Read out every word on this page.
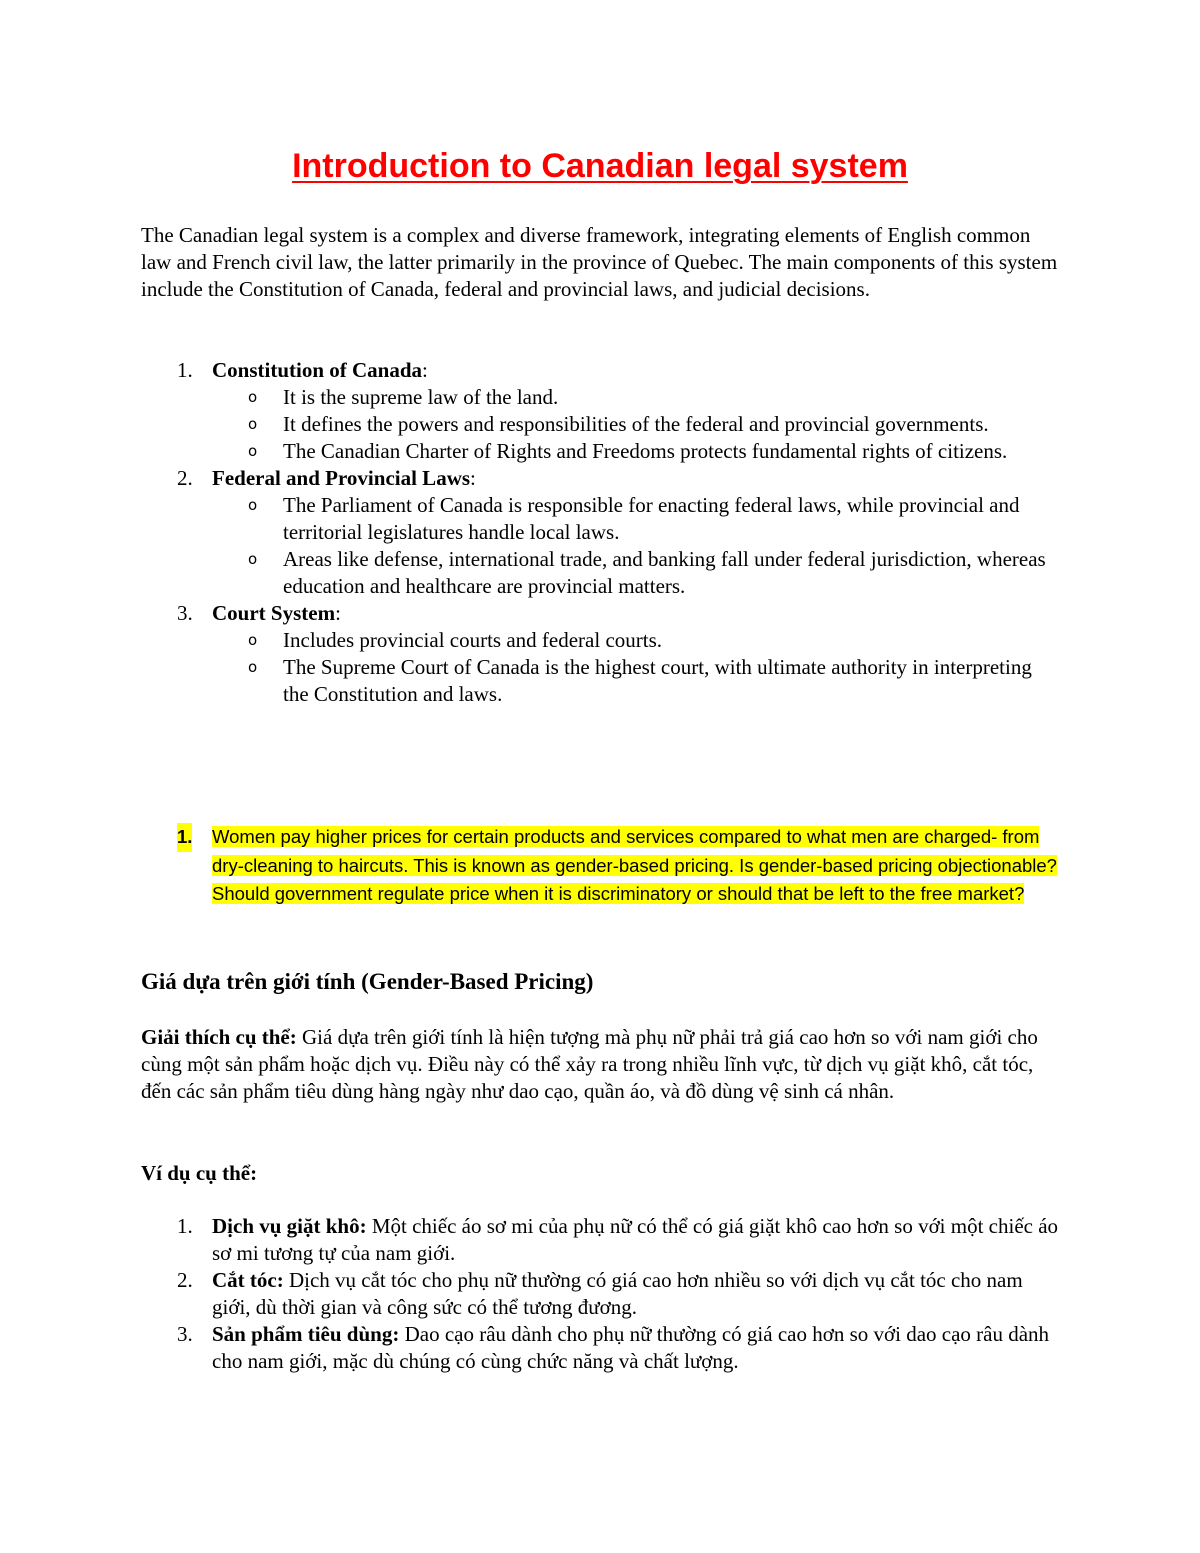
Introduction to Canadian legal system

The Canadian legal system is a complex and diverse framework, integrating elements of English common law and French civil law, the latter primarily in the province of Quebec. The main components of this system include the Constitution of Canada, federal and provincial laws, and judicial decisions.

1. Constitution of Canada:
o It is the supreme law of the land.
o It defines the powers and responsibilities of the federal and provincial governments.
o The Canadian Charter of Rights and Freedoms protects fundamental rights of citizens.
2. Federal and Provincial Laws:
o The Parliament of Canada is responsible for enacting federal laws, while provincial and territorial legislatures handle local laws.
o Areas like defense, international trade, and banking fall under federal jurisdiction, whereas education and healthcare are provincial matters.
3. Court System:
o Includes provincial courts and federal courts.
o The Supreme Court of Canada is the highest court, with ultimate authority in interpreting the Constitution and laws.
1. Women pay higher prices for certain products and services compared to what men are charged- from dry-cleaning to haircuts. This is known as gender-based pricing. Is gender-based pricing objectionable? Should government regulate price when it is discriminatory or should that be left to the free market?
Giá dựa trên giới tính (Gender-Based Pricing)

Giải thích cụ thể: Giá dựa trên giới tính là hiện tượng mà phụ nữ phải trả giá cao hơn so với nam giới cho cùng một sản phẩm hoặc dịch vụ. Điều này có thể xảy ra trong nhiều lĩnh vực, từ dịch vụ giặt khô, cắt tóc, đến các sản phẩm tiêu dùng hàng ngày như dao cạo, quần áo, và đồ dùng vệ sinh cá nhân.

Ví dụ cụ thể:

1. Dịch vụ giặt khô: Một chiếc áo sơ mi của phụ nữ có thể có giá giặt khô cao hơn so với một chiếc áo sơ mi tương tự của nam giới.
2. Cắt tóc: Dịch vụ cắt tóc cho phụ nữ thường có giá cao hơn nhiều so với dịch vụ cắt tóc cho nam giới, dù thời gian và công sức có thể tương đương.
3. Sản phẩm tiêu dùng: Dao cạo râu dành cho phụ nữ thường có giá cao hơn so với dao cạo râu dành cho nam giới, mặc dù chúng có cùng chức năng và chất lượng.
